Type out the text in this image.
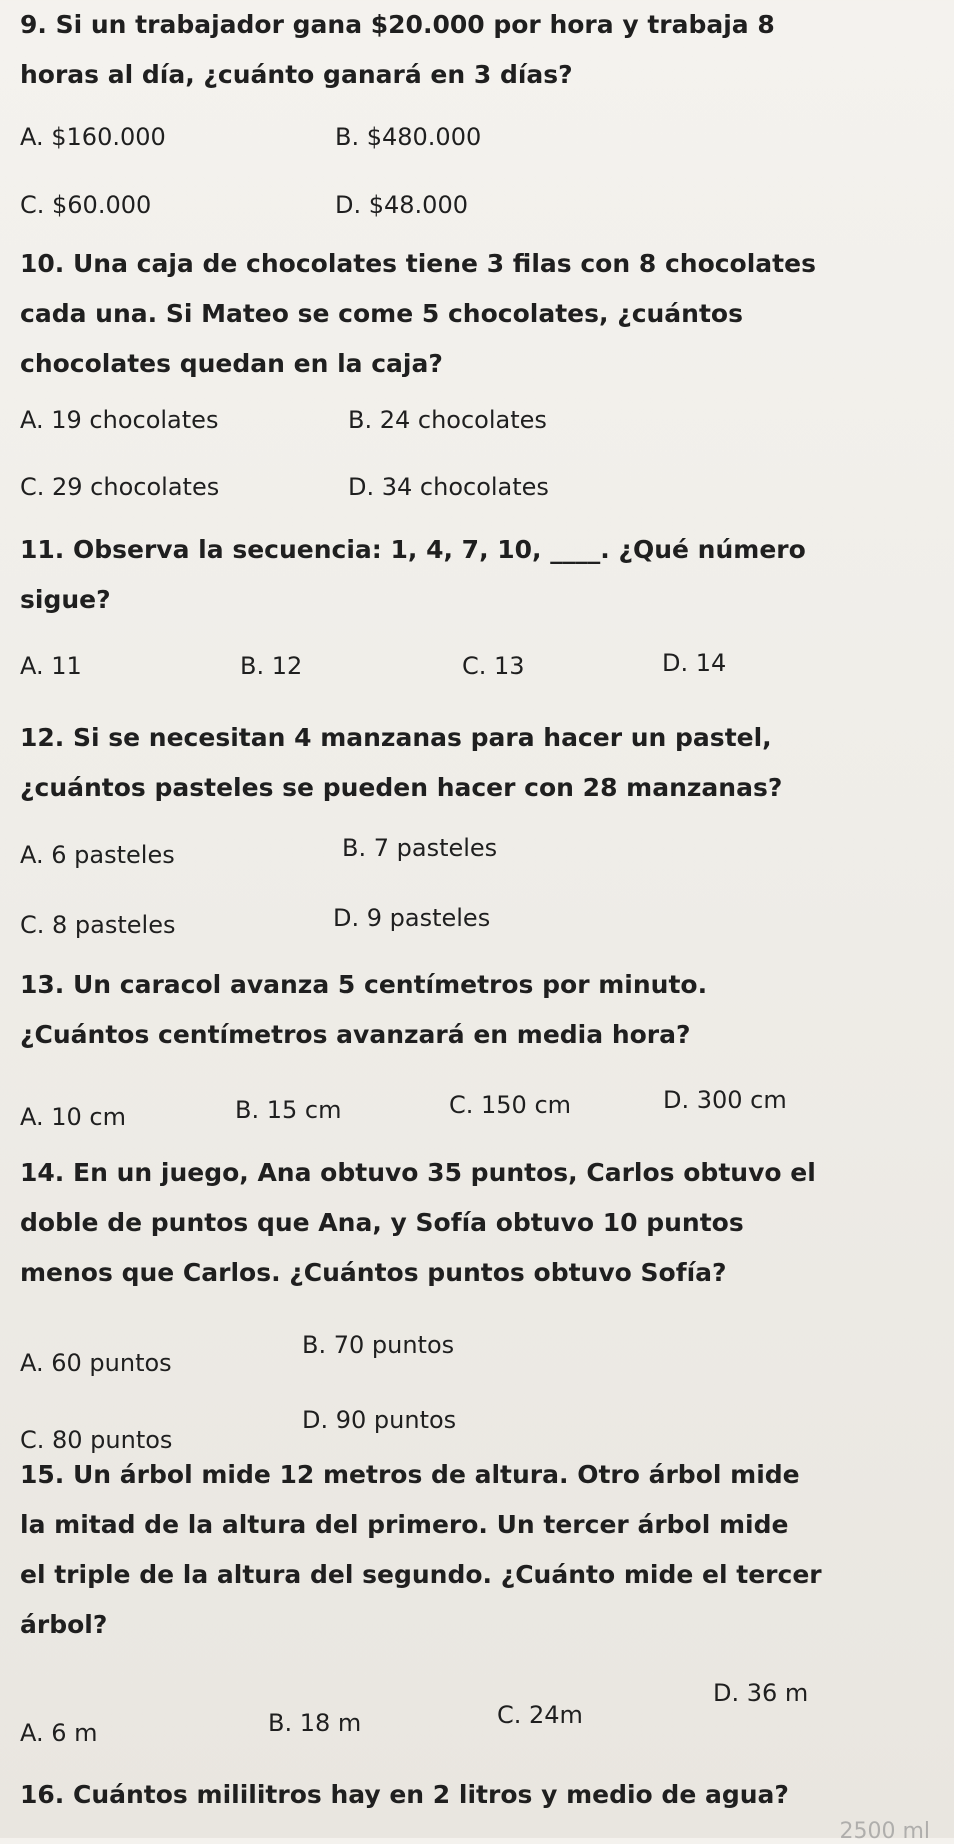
9. Si un trabajador gana $20.000 por hora y trabaja 8
horas al día, ¿cuánto ganará en 3 días?
A. $160.000	B. $480.000
C. $60.000	D. $48.000
10. Una caja de chocolates tiene 3 filas con 8 chocolates
cada una. Si Mateo se come 5 chocolates, ¿cuántos
chocolates quedan en la caja?
A. 19 chocolates	B. 24 chocolates
C. 29 chocolates	D. 34 chocolates
11. Observa la secuencia: 1, 4, 7, 10, ____. ¿Qué número
sigue?
A. 11	B. 12	C. 13	D. 14
12. Si se necesitan 4 manzanas para hacer un pastel,
¿cuántos pasteles se pueden hacer con 28 manzanas?
A. 6 pasteles	B. 7 pasteles
C. 8 pasteles	D. 9 pasteles
13. Un caracol avanza 5 centímetros por minuto.
¿Cuántos centímetros avanzará en media hora?
A. 10 cm	B. 15 cm	C. 150 cm	D. 300 cm
14. En un juego, Ana obtuvo 35 puntos, Carlos obtuvo el
doble de puntos que Ana, y Sofía obtuvo 10 puntos
menos que Carlos. ¿Cuántos puntos obtuvo Sofía?
A. 60 puntos
B. 70 puntos
C. 80 puntos
D. 90 puntos
15. Un árbol mide 12 metros de altura. Otro árbol mide
la mitad de la altura del primero. Un tercer árbol mide
el triple de la altura del segundo. ¿Cuánto mide el tercer
árbol?
A. 6 m	B. 18 m	C. 24m
D. 36 m
16. Cuántos mililitros hay en 2 litros y medio de agua?
2500 ml
